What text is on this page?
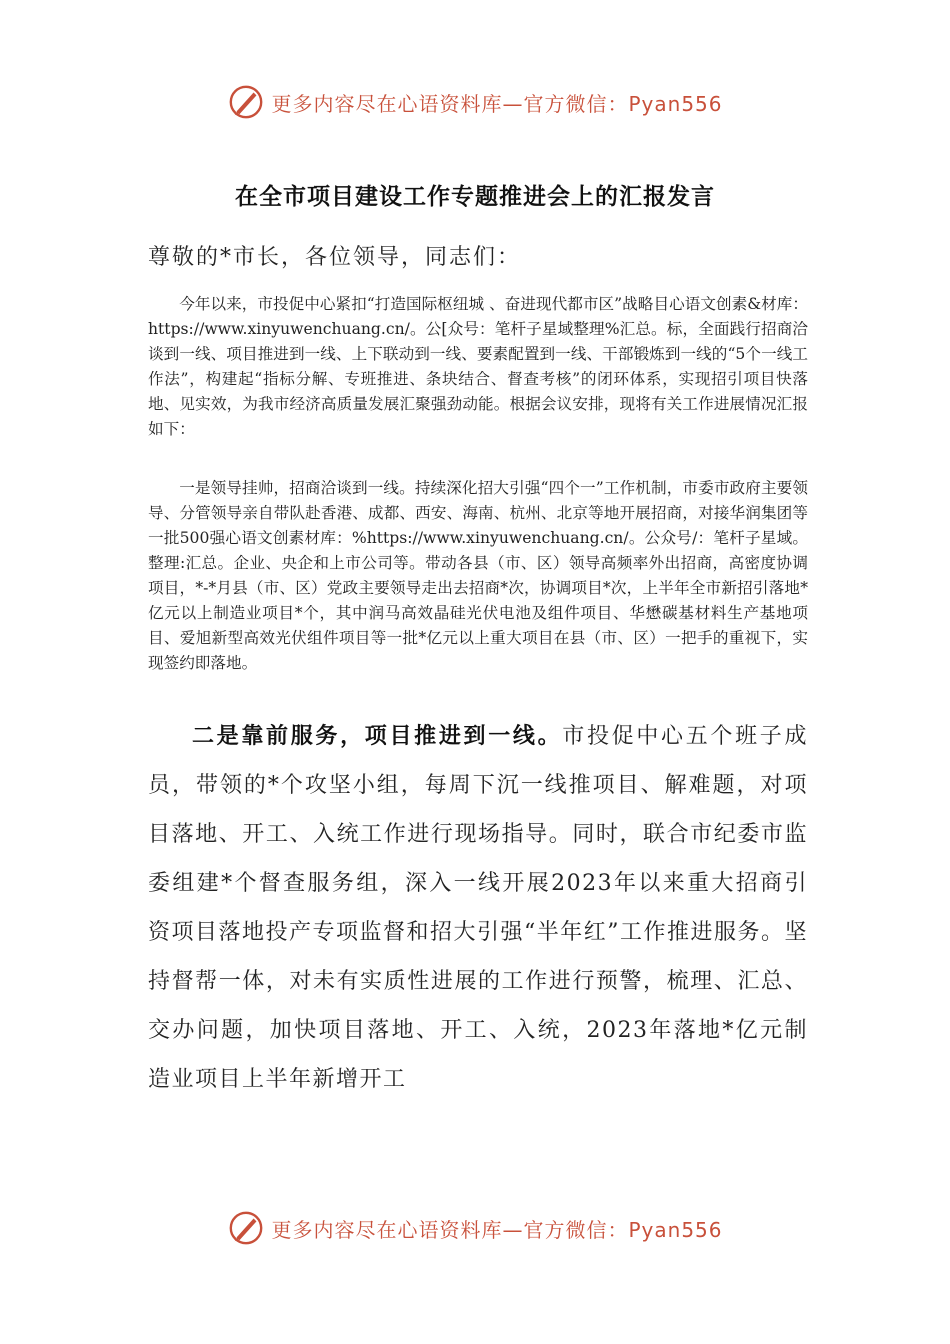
更多内容尽在心语资料库—官方微信：Pyan556
在全市项目建设工作专题推进会上的汇报发言
尊敬的*市长，各位领导，同志们：

今年以来，市投促中心紧扣“打造国际枢纽城 、奋进现代都市区”战略目心语文创素&材库：https://www.xinyuwenchuang.cn/。公[众号：笔杆子星域整理%汇总。标，全面践行招商洽谈到一线、项目推进到一线、上下联动到一线、要素配置到一线、干部锻炼到一线的“5个一线工作法”，构建起“指标分解、专班推进、条块结合、督查考核”的闭环体系，实现招引项目快落地、见实效，为我市经济高质量发展汇聚强劲动能。根据会议安排，现将有关工作进展情况汇报如下：

一是领导挂帅，招商洽谈到一线。持续深化招大引强“四个一”工作机制，市委市政府主要领导、分管领导亲自带队赴香港、成都、西安、海南、杭州、北京等地开展招商，对接华润集团等一批500强心语文创素材库：%https://www.xinyuwenchuang.cn/。公众号/：笔杆子星域。整理:汇总。企业、央企和上市公司等。带动各县（市、区）领导高频率外出招商，高密度协调项目，*-*月县（市、区）党政主要领导走出去招商*次，协调项目*次，上半年全市新招引落地*亿元以上制造业项目*个，其中润马高效晶硅光伏电池及组件项目、华懋碳基材料生产基地项目、爱旭新型高效光伏组件项目等一批*亿元以上重大项目在县（市、区）一把手的重视下，实现签约即落地。

二是靠前服务，项目推进到一线。市投促中心五个班子成员，带领的*个攻坚小组，每周下沉一线推项目、解难题，对项目落地、开工、入统工作进行现场指导。同时，联合市纪委市监委组建*个督查服务组，深入一线开展2023年以来重大招商引资项目落地投产专项监督和招大引强“半年红”工作推进服务。坚持督帮一体，对未有实质性进展的工作进行预警，梳理、汇总、交办问题，加快项目落地、开工、入统，2023年落地*亿元制造业项目上半年新增开工

更多内容尽在心语资料库—官方微信：Pyan556
